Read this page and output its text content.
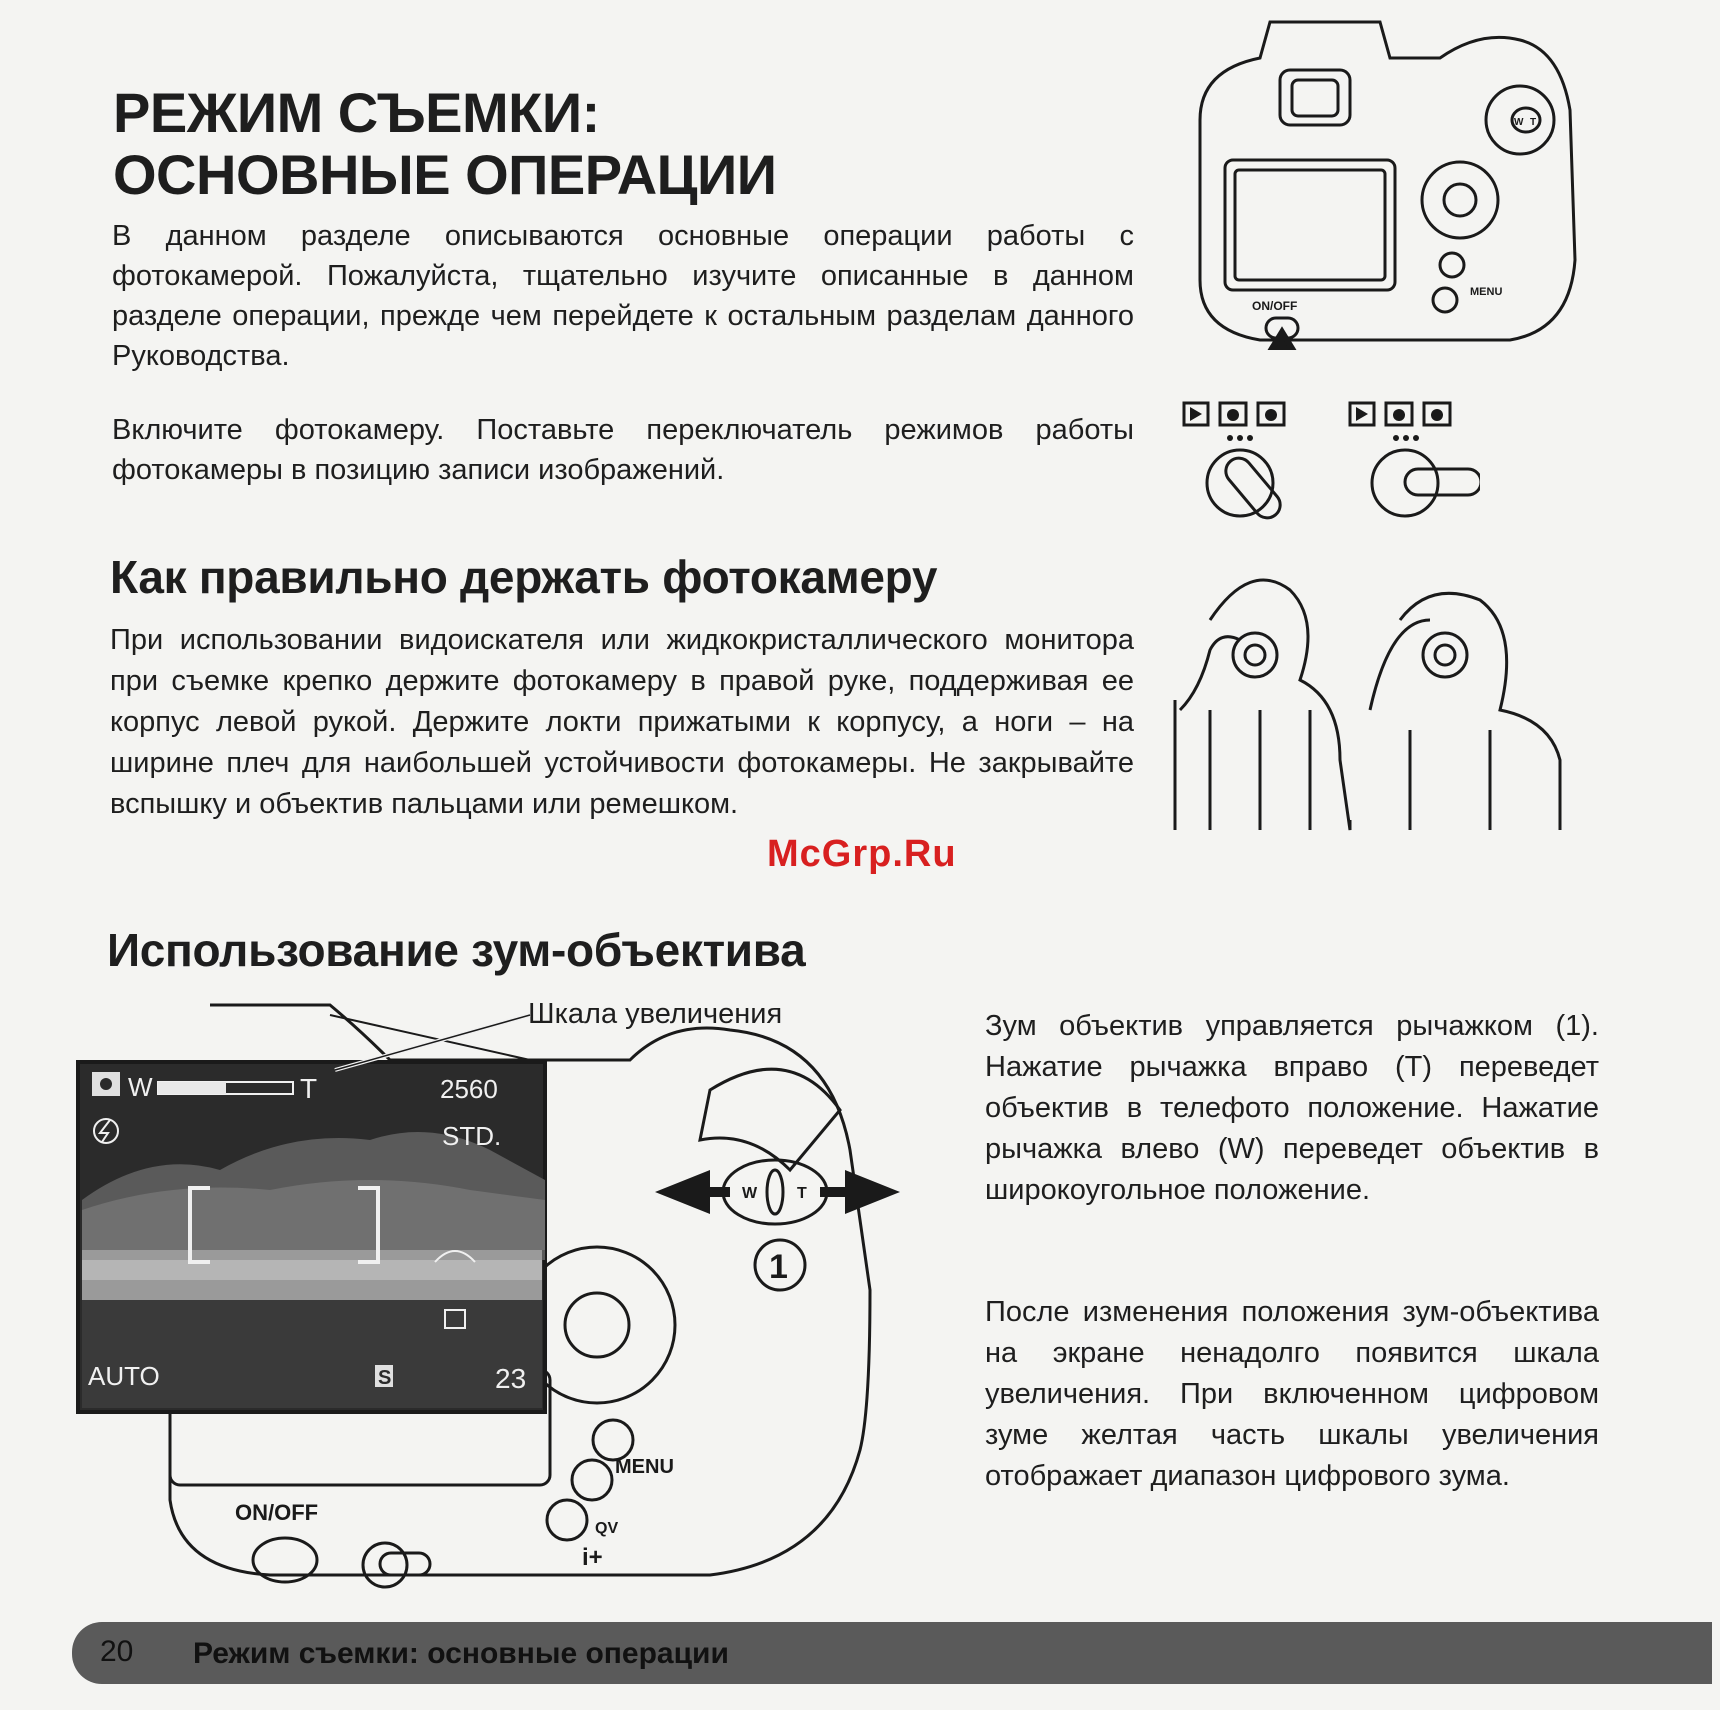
РЕЖИМ СЪЕМКИ:
ОСНОВНЫЕ ОПЕРАЦИИ

В данном разделе описываются основные операции работы с фотокамерой. Пожалуйста, тщательно изучите описанные в данном разделе операции, прежде чем перейдете к остальным разделам данного Руководства.

Включите фотокамеру. Поставьте переключатель режимов работы фотокамеры в позицию записи изображений.

Как правильно держать фотокамеру

При использовании видоискателя или жидкокристаллического монитора при съемке крепко держите фотокамеру в правой руке, поддерживая ее корпус левой рукой. Держите локти прижатыми к корпусу, а ноги – на ширине плеч для наибольшей устойчивости фотокамеры. Не закрывайте вспышку и объектив пальцами или ремешком.

Использование зум-объектива
Шкала увеличения	Зум объектив управляется рычажком (1). Нажатие рычажка вправо (T) переведет объектив в телефото положение. Нажатие рычажка влево (W) переведет объектив в широкоугольное положение.

После изменения положения зум-объектива на экране ненадолго появится шкала увеличения. При включенном цифровом зуме желтая часть шкалы увеличения отображает диапазон цифрового зума.

McGrp.Ru
W T
MENU
ON/OFF
MENU
QV
i+
ON/OFF
W T
1
W	T	2560
STD.
AUTO	S	23
20 Режим съемки: основные операции
